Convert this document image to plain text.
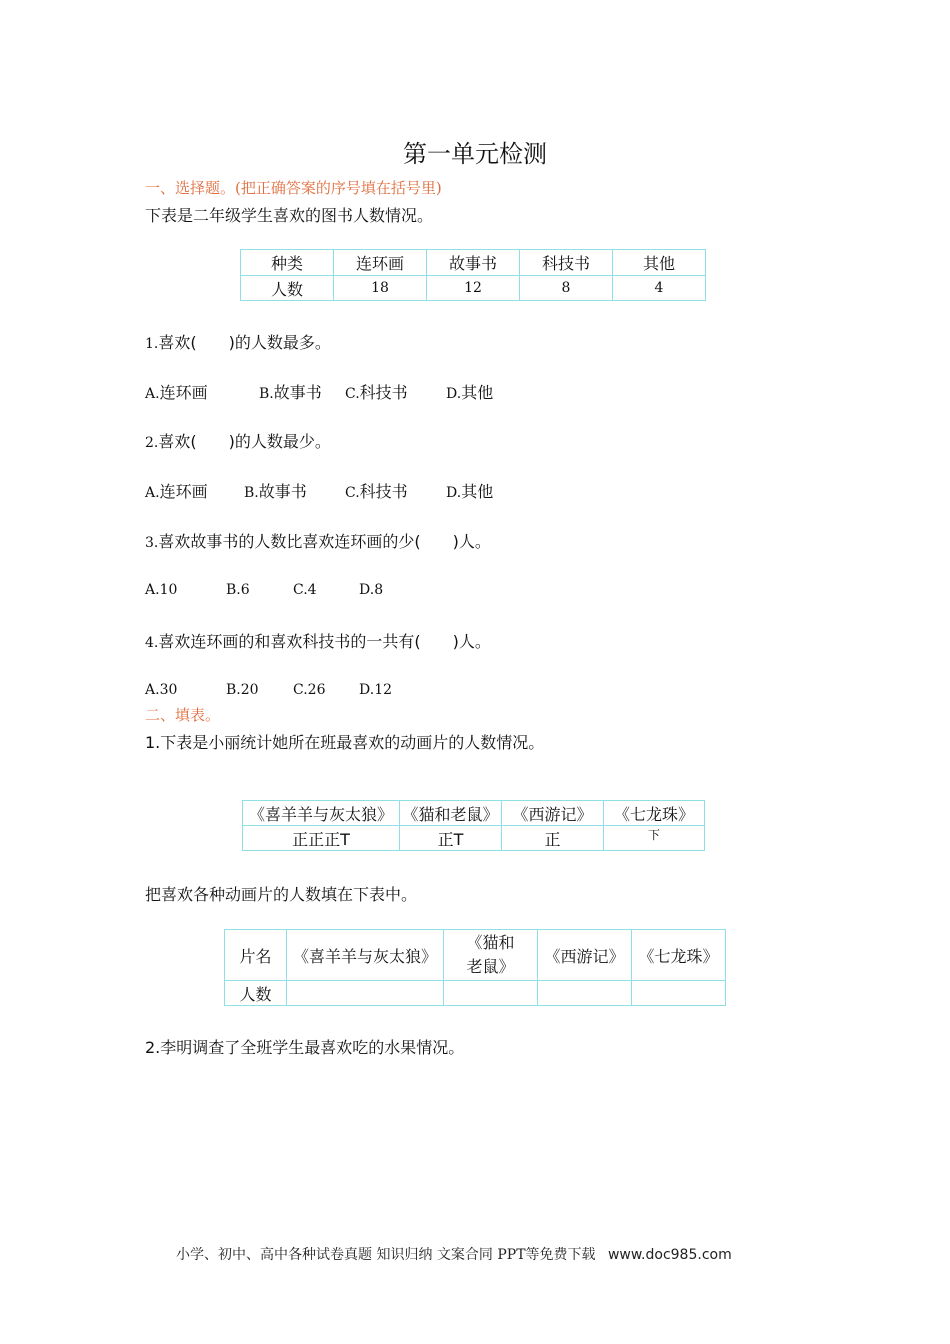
第一单元检测
一、选择题。(把正确答案的序号填在括号里)
下表是二年级学生喜欢的图书人数情况。
种类	连环画	故事书	科技书	其他
人数	18	12	8	4
1.喜欢(　　)的人数最多。
A.连环画	B.故事书 C.科技书	D.其他
2.喜欢(　　)的人数最少。
A.连环画	B.故事书	C.科技书	D.其他
3.喜欢故事书的人数比喜欢连环画的少(　　)人。
A.10	B.6	C.4	D.8
4.喜欢连环画的和喜欢科技书的一共有(　　)人。
A.30	B.20 C.26 D.12
二、填表。
1.下表是小丽统计她所在班最喜欢的动画片的人数情况。
《喜羊羊与灰太狼》	《猫和老鼠》	《西游记》	《七龙珠》
正正正T	正T	正	下
把喜欢各种动画片的人数填在下表中。
片名	《喜羊羊与灰太狼》	《猫和老鼠》	《西游记》	《七龙珠》
人数				
2.李明调查了全班学生最喜欢吃的水果情况。
小学、初中、高中各种试卷真题 知识归纳 文案合同 PPT等免费下载 www.doc985.com
